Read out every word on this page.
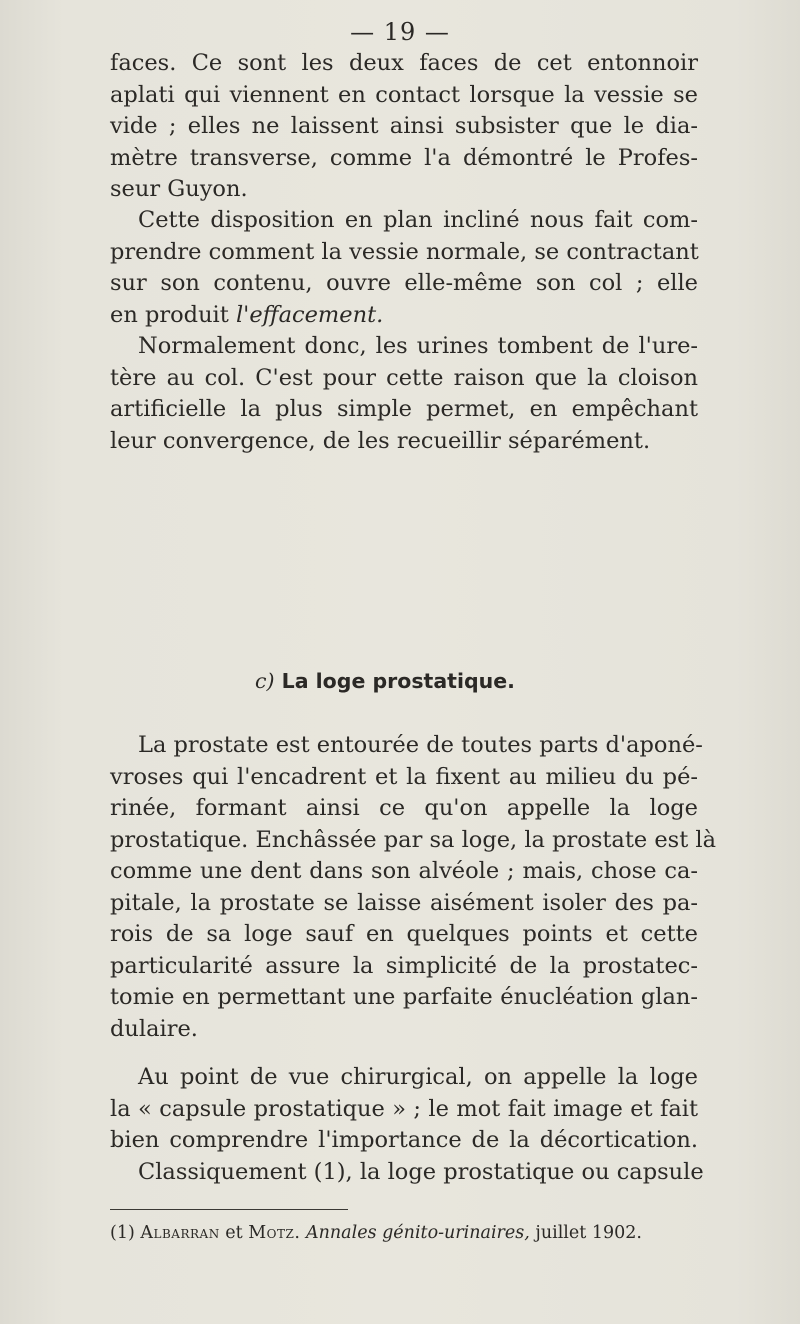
— 19 —

faces. Ce sont les deux faces de cet entonnoir
aplati qui viennent en contact lorsque la vessie se
vide ; elles ne laissent ainsi subsister que le dia-
mètre transverse, comme l'a démontré le Profes-
seur Guyon.

Cette disposition en plan incliné nous fait com-
prendre comment la vessie normale, se contractant
sur son contenu, ouvre elle-même son col ; elle
en produit l'effacement.

Normalement donc, les urines tombent de l'ure-
tère au col. C'est pour cette raison que la cloison
artificielle la plus simple permet, en empêchant
leur convergence, de les recueillir séparément.

c) La loge prostatique.

La prostate est entourée de toutes parts d'aponé-
vroses qui l'encadrent et la fixent au milieu du pé-
rinée, formant ainsi ce qu'on appelle la loge
prostatique. Enchâssée par sa loge, la prostate est là
comme une dent dans son alvéole ; mais, chose ca-
pitale, la prostate se laisse aisément isoler des pa-
rois de sa loge sauf en quelques points et cette
particularité assure la simplicité de la prostatec-
tomie en permettant une parfaite énucléation glan-
dulaire.

Au point de vue chirurgical, on appelle la loge
la « capsule prostatique » ; le mot fait image et fait
bien comprendre l'importance de la décortication.
Classiquement (1), la loge prostatique ou capsule

(1) Albarran et Motz. Annales génito-urinaires, juillet 1902.
